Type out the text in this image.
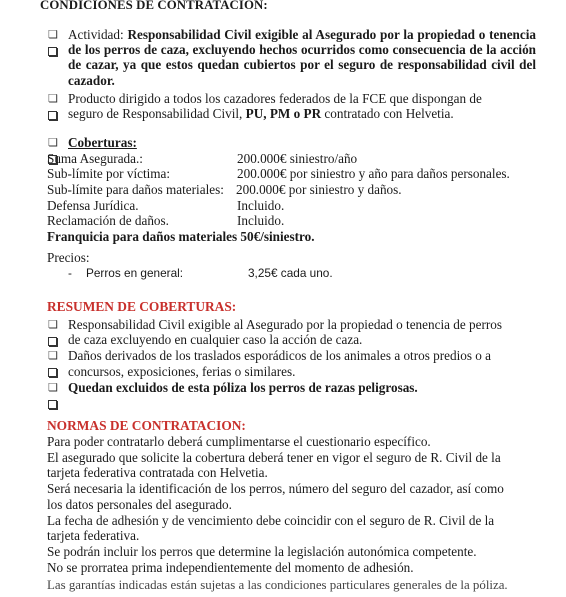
CONDICIONES DE CONTRATACION:
❏
Actividad: Responsabilidad Civil exigible al Asegurado por la propiedad o tenencia de los perros de caza, excluyendo hechos ocurridos como consecuencia de la acción de cazar, ya que estos quedan cubiertos por el seguro de responsabilidad civil del cazador.
❏
Producto dirigido a todos los cazadores federados de la FCE que dispongan de
seguro de Responsabilidad Civil, PU, PM o PR contratado con Helvetia.
❏
Coberturas:
Suma Asegurada.:	200.000€ siniestro/año
Sub-límite por víctima:	200.000€ por siniestro y año para daños personales.
Sub-límite para daños materiales: 200.000€ por siniestro y daños.
Defensa Jurídica.	Incluido.
Reclamación de daños.	Incluido.
Franquicia para daños materiales 50€/siniestro.
Precios:
- Perros en general:	3,25€ cada uno.
RESUMEN DE COBERTURAS:
❏
Responsabilidad Civil exigible al Asegurado por la propiedad o tenencia de perros
de caza excluyendo en cualquier caso la acción de caza.
❏
Daños derivados de los traslados esporádicos de los animales a otros predios o a
concursos, exposiciones, ferias o similares.
❏
Quedan excluidos de esta póliza los perros de razas peligrosas.
NORMAS DE CONTRATACION:
Para poder contratarlo deberá cumplimentarse el cuestionario específico.
El asegurado que solicite la cobertura deberá tener en vigor el seguro de R. Civil de la
tarjeta federativa contratada con Helvetia.
Será necesaria la identificación de los perros, número del seguro del cazador, así como
los datos personales del asegurado.
La fecha de adhesión y de vencimiento debe coincidir con el seguro de R. Civil de la
tarjeta federativa.
Se podrán incluir los perros que determine la legislación autonómica competente.
No se prorratea prima independientemente del momento de adhesión.
Las garantías indicadas están sujetas a las condiciones particulares generales de la póliza.
